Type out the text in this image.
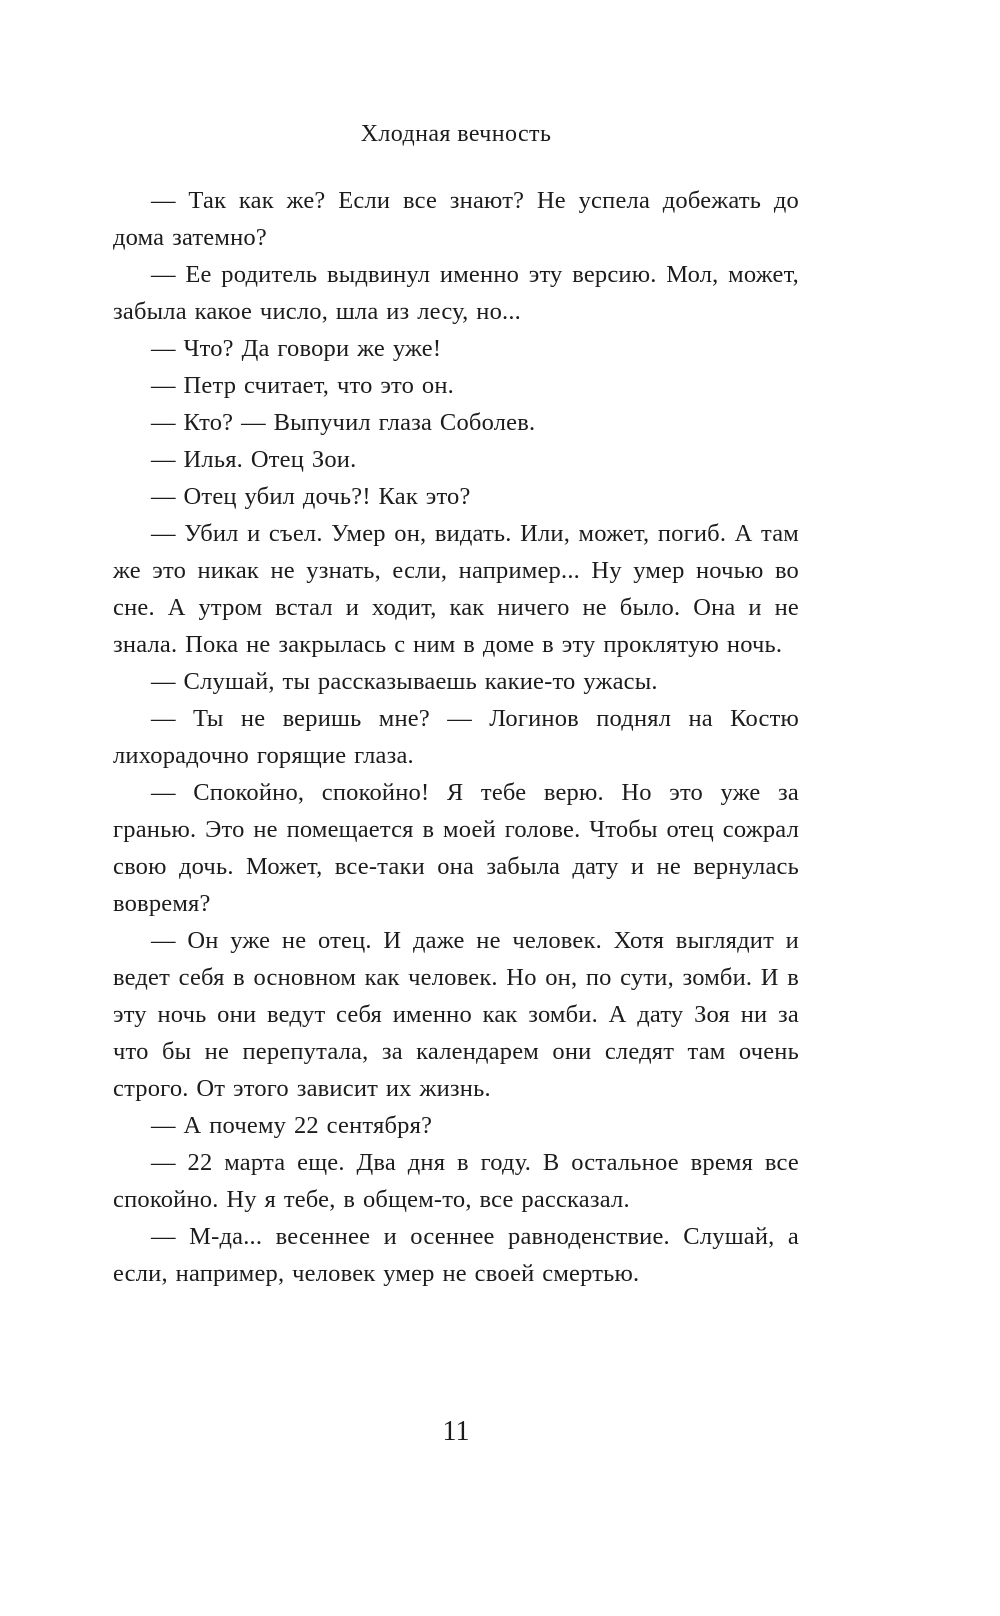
Хлодная вечность

— Так как же? Если все знают? Не успела добежать до дома затемно?

— Ее родитель выдвинул именно эту версию. Мол, может, забыла какое число, шла из лесу, но...

— Что? Да говори же уже!

— Петр считает, что это он.

— Кто? — Выпучил глаза Соболев.

— Илья. Отец Зои.

— Отец убил дочь?! Как это?

— Убил и съел. Умер он, видать. Или, может, погиб. А там же это никак не узнать, если, например... Ну умер ночью во сне. А утром встал и ходит, как ничего не было. Она и не знала. Пока не закрылась с ним в доме в эту проклятую ночь.

— Слушай, ты рассказываешь какие-то ужасы.

— Ты не веришь мне? — Логинов поднял на Костю лихорадочно горящие глаза.

— Спокойно, спокойно! Я тебе верю. Но это уже за гранью. Это не помещается в моей голове. Чтобы отец сожрал свою дочь. Может, все-таки она забыла дату и не вернулась вовремя?

— Он уже не отец. И даже не человек. Хотя выглядит и ведет себя в основном как человек. Но он, по сути, зомби. И в эту ночь они ведут себя именно как зомби. А дату Зоя ни за что бы не перепутала, за календарем они следят там очень строго. От этого зависит их жизнь.

— А почему 22 сентября?

— 22 марта еще. Два дня в году. В остальное время все спокойно. Ну я тебе, в общем-то, все рассказал.

— М-да... весеннее и осеннее равноденствие. Слушай, а если, например, человек умер не своей смертью.

11
